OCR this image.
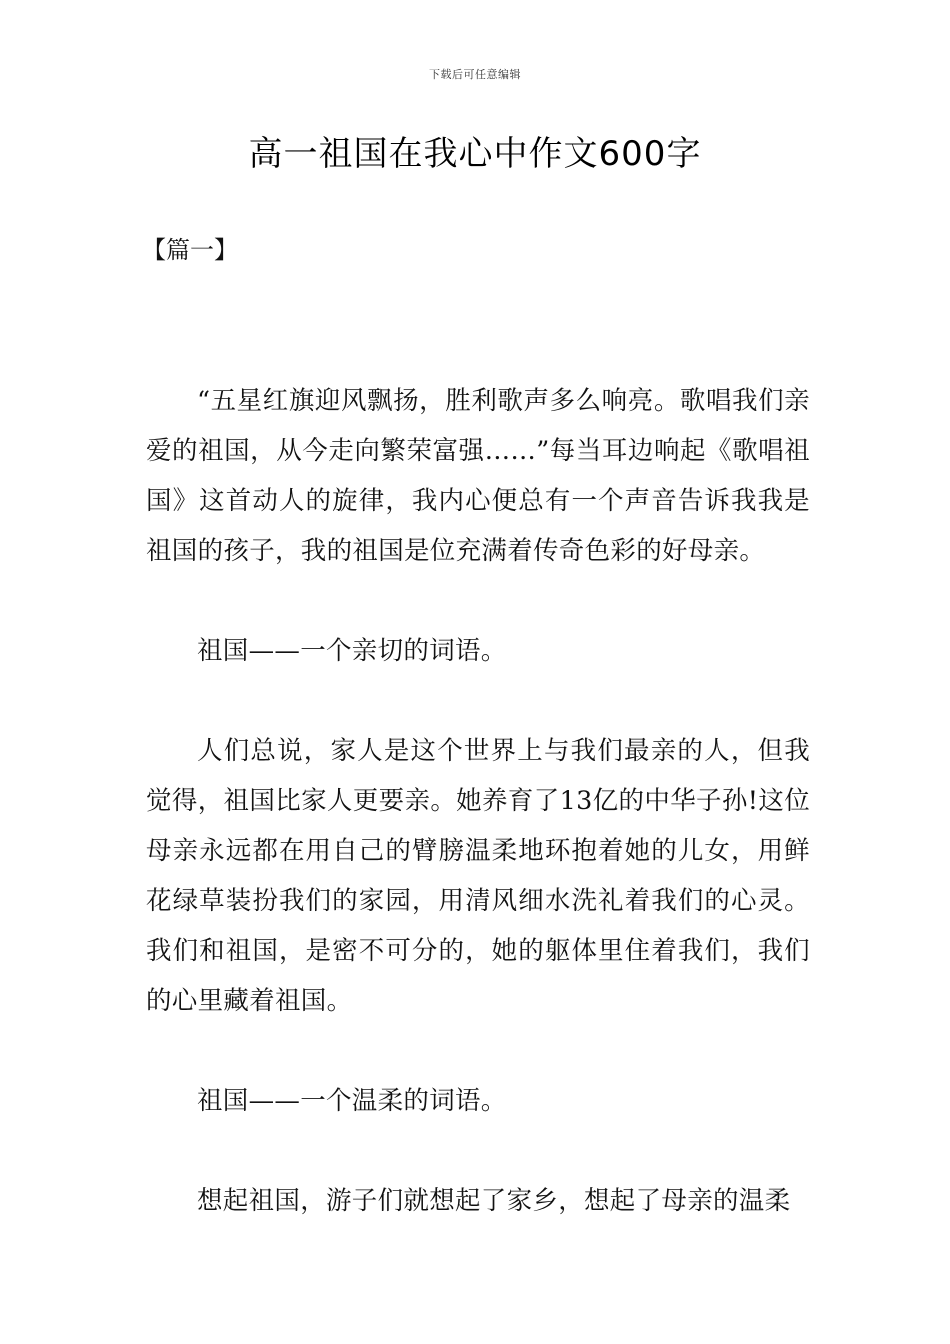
下载后可任意编辑
高一祖国在我心中作文600字
【篇一】

“五星红旗迎风飘扬，胜利歌声多么响亮。歌唱我们亲爱的祖国，从今走向繁荣富强……”每当耳边响起《歌唱祖国》这首动人的旋律，我内心便总有一个声音告诉我我是祖国的孩子，我的祖国是位充满着传奇色彩的好母亲。

祖国——一个亲切的词语。

人们总说，家人是这个世界上与我们最亲的人，但我觉得，祖国比家人更要亲。她养育了13亿的中华子孙!这位母亲永远都在用自己的臂膀温柔地环抱着她的儿女，用鲜花绿草装扮我们的家园，用清风细水洗礼着我们的心灵。我们和祖国，是密不可分的，她的躯体里住着我们，我们的心里藏着祖国。

祖国——一个温柔的词语。

想起祖国，游子们就想起了家乡，想起了母亲的温柔
